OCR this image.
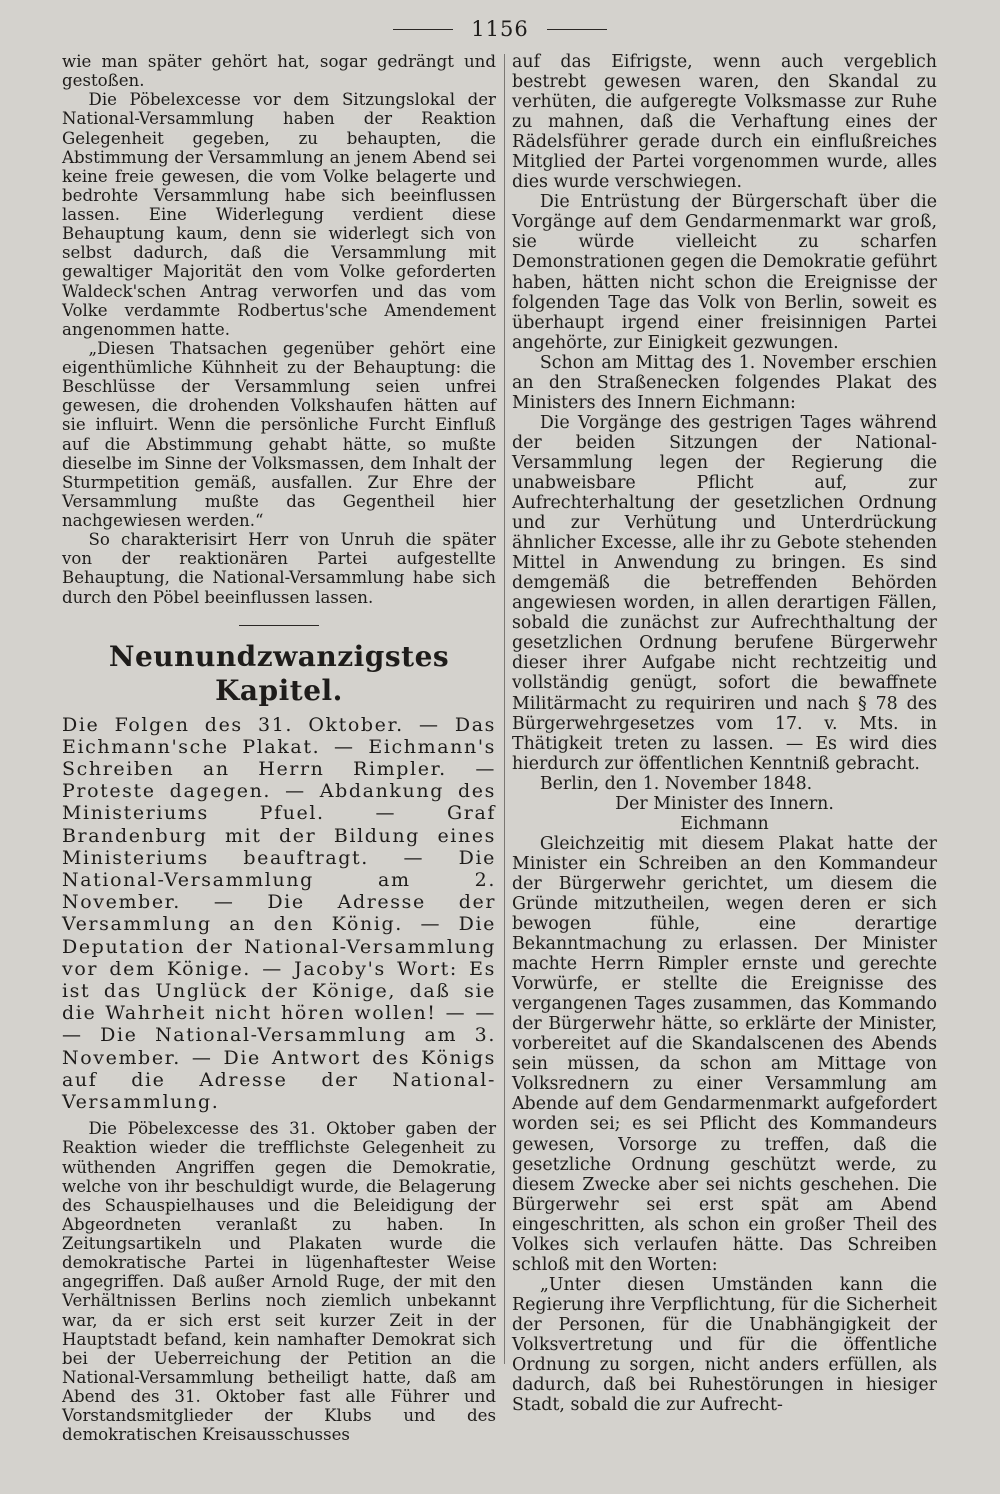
1156

wie man später gehört hat, sogar gedrängt und gestoßen.

Die Pöbelexcesse vor dem Sitzungslokal der National-Versammlung haben der Reaktion Gelegenheit gegeben, zu behaupten, die Abstimmung der Versammlung an jenem Abend sei keine freie gewesen, die vom Volke belagerte und bedrohte Versammlung habe sich beeinflussen lassen. Eine Widerlegung verdient diese Behauptung kaum, denn sie widerlegt sich von selbst dadurch, daß die Versammlung mit gewaltiger Majorität den vom Volke geforderten Waldeck'schen Antrag verworfen und das vom Volke verdammte Rodbertus'sche Amendement angenommen hatte.

„Diesen Thatsachen gegenüber gehört eine eigenthümliche Kühnheit zu der Behauptung: die Beschlüsse der Versammlung seien unfrei gewesen, die drohenden Volkshaufen hätten auf sie influirt. Wenn die persönliche Furcht Einfluß auf die Abstimmung gehabt hätte, so mußte dieselbe im Sinne der Volksmassen, dem Inhalt der Sturmpetition gemäß, ausfallen. Zur Ehre der Versammlung mußte das Gegentheil hier nachgewiesen werden.“

So charakterisirt Herr von Unruh die später von der reaktionären Partei aufgestellte Behauptung, die National-Versammlung habe sich durch den Pöbel beeinflussen lassen.

Neunundzwanzigstes Kapitel.

Die Folgen des 31. Oktober. — Das Eichmann'sche Plakat. — Eichmann's Schreiben an Herrn Rimpler. — Proteste dagegen. — Abdankung des Ministeriums Pfuel. — Graf Brandenburg mit der Bildung eines Ministeriums beauftragt. — Die National-Versammlung am 2. November. — Die Adresse der Versammlung an den König. — Die Deputation der National-Versammlung vor dem Könige. — Jacoby's Wort: Es ist das Unglück der Könige, daß sie die Wahrheit nicht hören wollen! — — — Die National-Versammlung am 3. November. — Die Antwort des Königs auf die Adresse der National-Versammlung.

Die Pöbelexcesse des 31. Oktober gaben der Reaktion wieder die trefflichste Gelegenheit zu wüthenden Angriffen gegen die Demokratie, welche von ihr beschuldigt wurde, die Belagerung des Schauspielhauses und die Beleidigung der Abgeordneten veranlaßt zu haben. In Zeitungsartikeln und Plakaten wurde die demokratische Partei in lügenhaftester Weise angegriffen. Daß außer Arnold Ruge, der mit den Verhältnissen Berlins noch ziemlich unbekannt war, da er sich erst seit kurzer Zeit in der Hauptstadt befand, kein namhafter Demokrat sich bei der Ueberreichung der Petition an die National-Versammlung betheiligt hatte, daß am Abend des 31. Oktober fast alle Führer und Vorstandsmitglieder der Klubs und des demokratischen Kreisausschusses

auf das Eifrigste, wenn auch vergeblich bestrebt gewesen waren, den Skandal zu verhüten, die aufgeregte Volksmasse zur Ruhe zu mahnen, daß die Verhaftung eines der Rädelsführer gerade durch ein einflußreiches Mitglied der Partei vorgenommen wurde, alles dies wurde verschwiegen.

Die Entrüstung der Bürgerschaft über die Vorgänge auf dem Gendarmenmarkt war groß, sie würde vielleicht zu scharfen Demonstrationen gegen die Demokratie geführt haben, hätten nicht schon die Ereignisse der folgenden Tage das Volk von Berlin, soweit es überhaupt irgend einer freisinnigen Partei angehörte, zur Einigkeit gezwungen.

Schon am Mittag des 1. November erschien an den Straßenecken folgendes Plakat des Ministers des Innern Eichmann:

Die Vorgänge des gestrigen Tages während der beiden Sitzungen der National-Versammlung legen der Regierung die unabweisbare Pflicht auf, zur Aufrechterhaltung der gesetzlichen Ordnung und zur Verhütung und Unterdrückung ähnlicher Excesse, alle ihr zu Gebote stehenden Mittel in Anwendung zu bringen. Es sind demgemäß die betreffenden Behörden angewiesen worden, in allen derartigen Fällen, sobald die zunächst zur Aufrechthaltung der gesetzlichen Ordnung berufene Bürgerwehr dieser ihrer Aufgabe nicht rechtzeitig und vollständig genügt, sofort die bewaffnete Militärmacht zu requiriren und nach § 78 des Bürgerwehrgesetzes vom 17. v. Mts. in Thätigkeit treten zu lassen. — Es wird dies hierdurch zur öffentlichen Kenntniß gebracht.

Berlin, den 1. November 1848.

Der Minister des Innern.

Eichmann

Gleichzeitig mit diesem Plakat hatte der Minister ein Schreiben an den Kommandeur der Bürgerwehr gerichtet, um diesem die Gründe mitzutheilen, wegen deren er sich bewogen fühle, eine derartige Bekanntmachung zu erlassen. Der Minister machte Herrn Rimpler ernste und gerechte Vorwürfe, er stellte die Ereignisse des vergangenen Tages zusammen, das Kommando der Bürgerwehr hätte, so erklärte der Minister, vorbereitet auf die Skandalscenen des Abends sein müssen, da schon am Mittage von Volksrednern zu einer Versammlung am Abende auf dem Gendarmenmarkt aufgefordert worden sei; es sei Pflicht des Kommandeurs gewesen, Vorsorge zu treffen, daß die gesetzliche Ordnung geschützt werde, zu diesem Zwecke aber sei nichts geschehen. Die Bürgerwehr sei erst spät am Abend eingeschritten, als schon ein großer Theil des Volkes sich verlaufen hätte. Das Schreiben schloß mit den Worten:

„Unter diesen Umständen kann die Regierung ihre Verpflichtung, für die Sicherheit der Personen, für die Unabhängigkeit der Volksvertretung und für die öffentliche Ordnung zu sorgen, nicht anders erfüllen, als dadurch, daß bei Ruhestörungen in hiesiger Stadt, sobald die zur Aufrecht-
